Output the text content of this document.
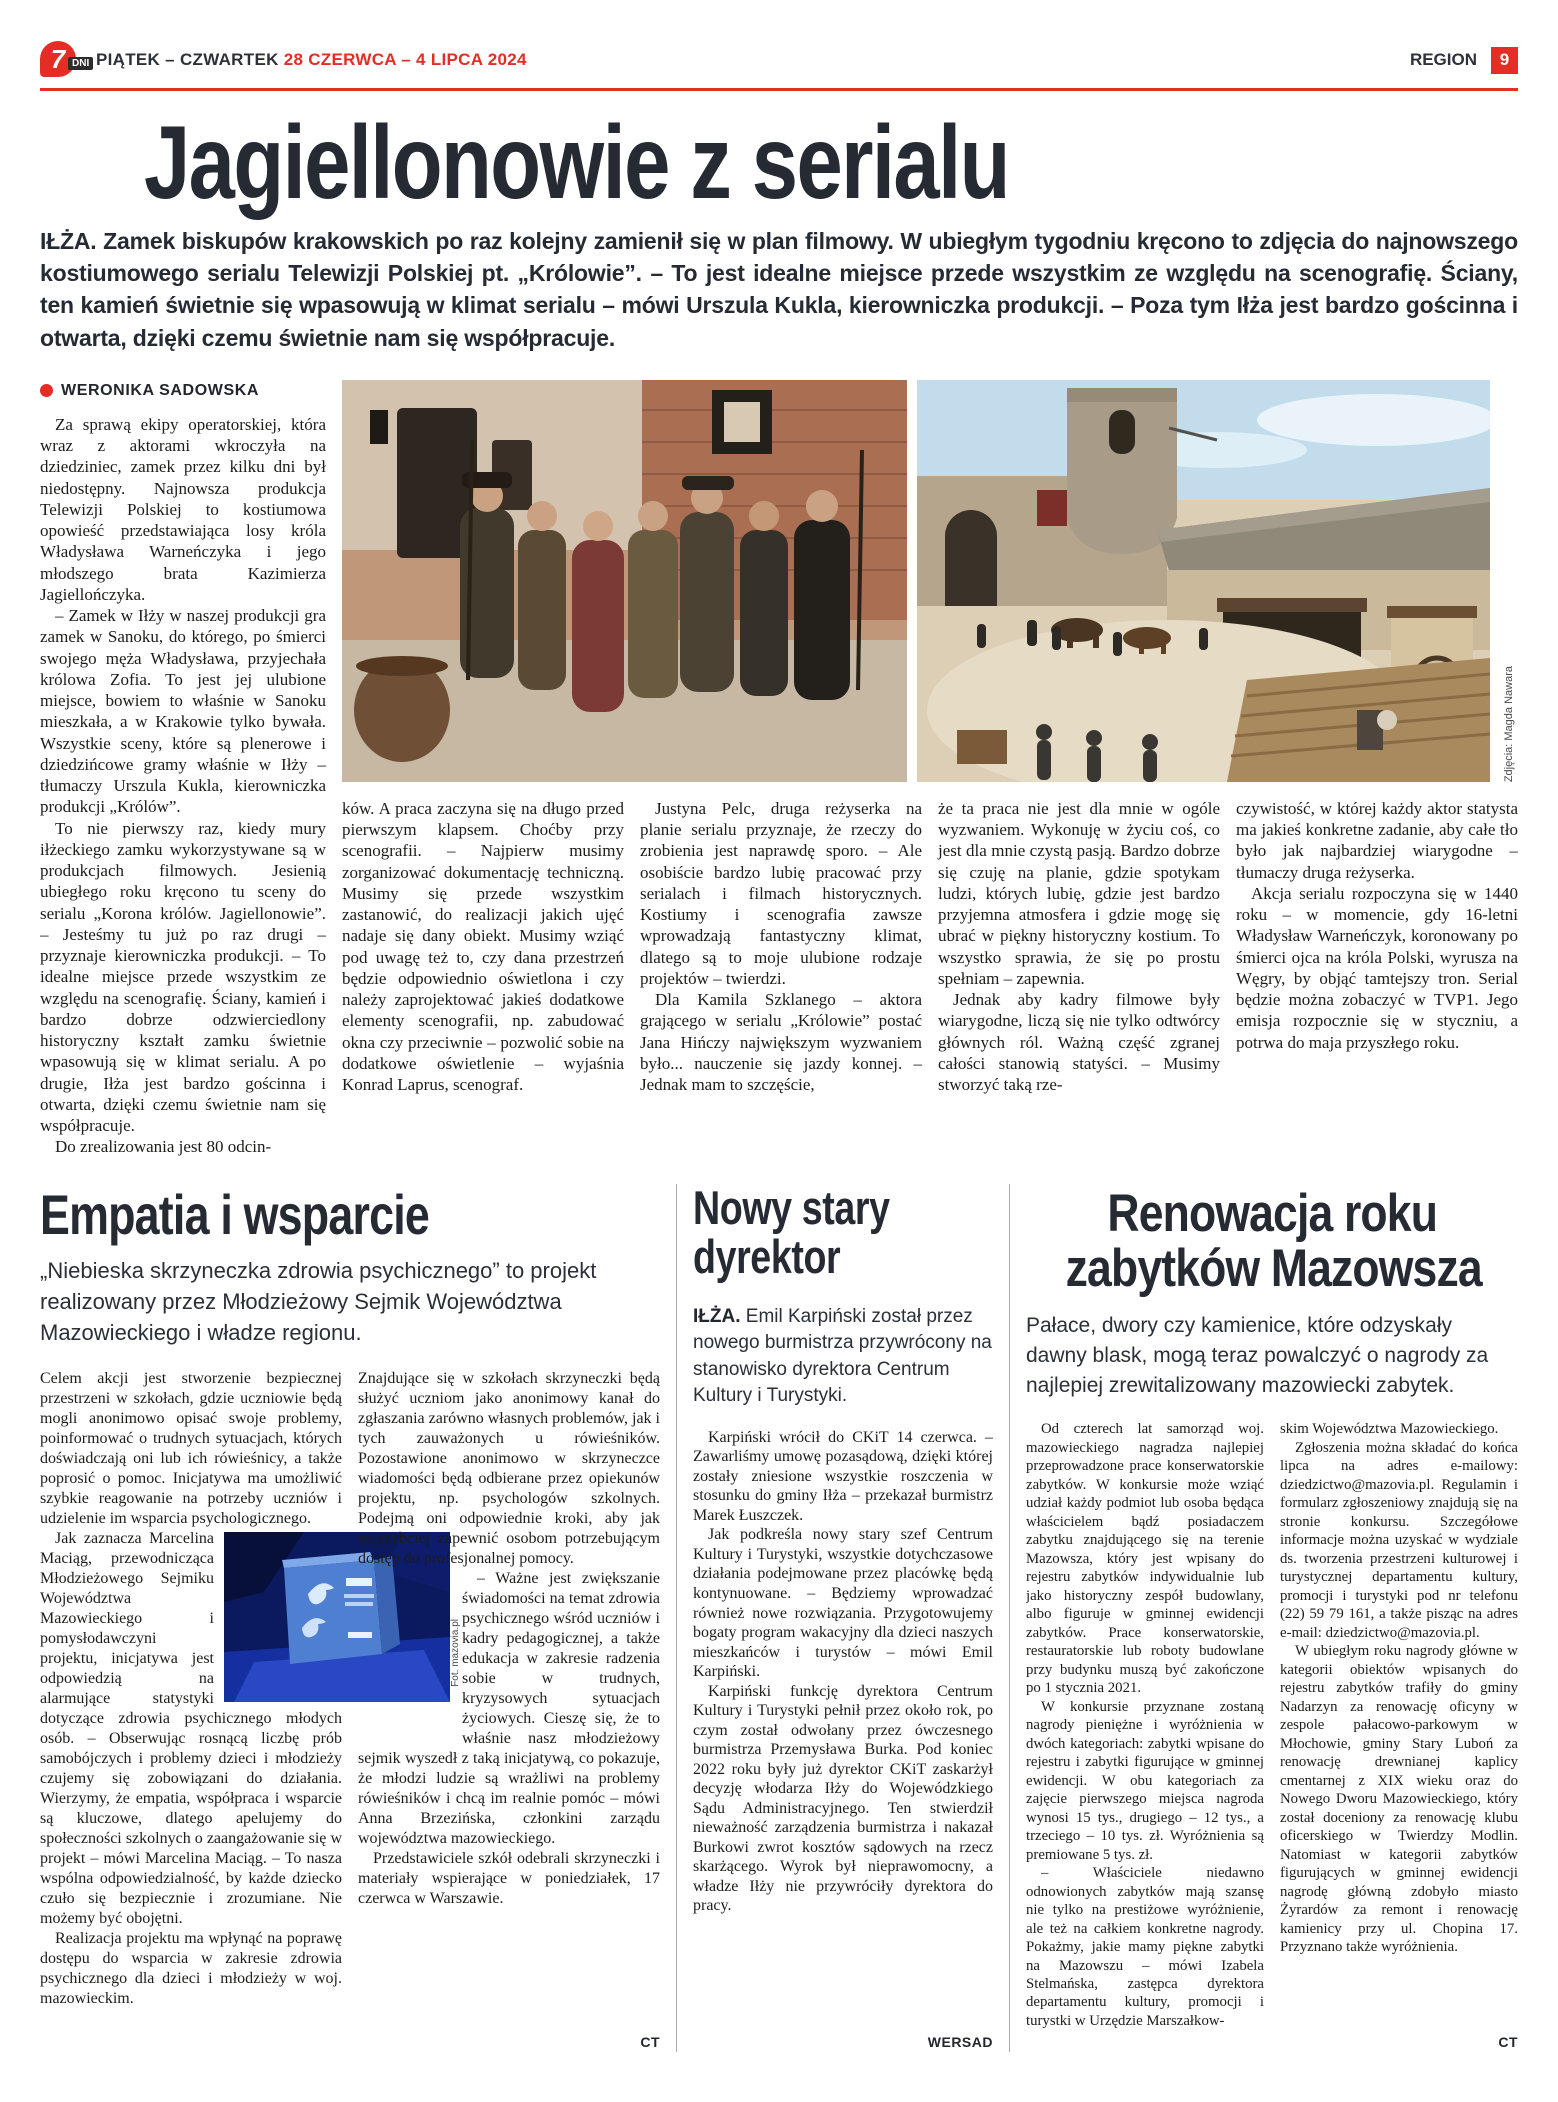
7 DNI PIĄTEK – CZWARTEK 28 CZERWCA – 4 LIPCA 2024	REGION	9
Jagiellonowie z serialu

IŁŻA. Zamek biskupów krakowskich po raz kolejny zamienił się w plan filmowy. W ubiegłym tygodniu kręcono to zdjęcia do najnowszego kostiumowego serialu Telewizji Polskiej pt. „Królowie”. – To jest idealne miejsce przede wszystkim ze względu na scenografię. Ściany, ten kamień świetnie się wpasowują w klimat serialu – mówi Urszula Kukla, kierowniczka produkcji. – Poza tym Iłża jest bardzo gościnna i otwarta, dzięki czemu świetnie nam się współpracuje.

WERONIKA SADOWSKA

Za sprawą ekipy operatorskiej, która wraz z aktorami wkroczyła na dziedziniec, zamek przez kilku dni był niedostępny. Najnowsza produkcja Telewizji Polskiej to kostiumowa opowieść przedstawiająca losy króla Władysława Warneńczyka i jego młodszego brata Kazimierza Jagiellończyka.

– Zamek w Iłży w naszej produkcji gra zamek w Sanoku, do którego, po śmierci swojego męża Władysława, przyjechała królowa Zofia. To jest jej ulubione miejsce, bowiem to właśnie w Sanoku mieszkała, a w Krakowie tylko bywała. Wszystkie sceny, które są plenerowe i dziedzińcowe gramy właśnie w Iłży – tłumaczy Urszula Kukla, kierowniczka produkcji „Królów”.

To nie pierwszy raz, kiedy mury iłżeckiego zamku wykorzystywane są w produkcjach filmowych. Jesienią ubiegłego roku kręcono tu sceny do serialu „Korona królów. Jagiellonowie”. – Jesteśmy tu już po raz drugi – przyznaje kierowniczka produkcji. – To idealne miejsce przede wszystkim ze względu na scenografię. Ściany, kamień i bardzo dobrze odzwierciedlony historyczny kształt zamku świetnie wpasowują się w klimat serialu. A po drugie, Iłża jest bardzo gościnna i otwarta, dzięki czemu świetnie nam się współpracuje.

Do zrealizowania jest 80 odcin-

Zdjęcia: Magda Nawara

ków. A praca zaczyna się na długo przed pierwszym klapsem. Choćby przy scenografii. – Najpierw musimy zorganizować dokumentację techniczną. Musimy się przede wszystkim zastanowić, do realizacji jakich ujęć nadaje się dany obiekt. Musimy wziąć pod uwagę też to, czy dana przestrzeń będzie odpowiednio oświetlona i czy należy zaprojektować jakieś dodatkowe elementy scenografii, np. zabudować okna czy przeciwnie – pozwolić sobie na dodatkowe oświetlenie – wyjaśnia Konrad Laprus, scenograf.

Justyna Pelc, druga reżyserka na planie serialu przyznaje, że rzeczy do zrobienia jest naprawdę sporo. – Ale osobiście bardzo lubię pracować przy serialach i filmach historycznych. Kostiumy i scenografia zawsze wprowadzają fantastyczny klimat, dlatego są to moje ulubione rodzaje projektów – twierdzi.

Dla Kamila Szklanego – aktora grającego w serialu „Królowie” postać Jana Hińczy największym wyzwaniem było... nauczenie się jazdy konnej. – Jednak mam to szczęście,

że ta praca nie jest dla mnie w ogóle wyzwaniem. Wykonuję w życiu coś, co jest dla mnie czystą pasją. Bardzo dobrze się czuję na planie, gdzie spotykam ludzi, których lubię, gdzie jest bardzo przyjemna atmosfera i gdzie mogę się ubrać w piękny historyczny kostium. To wszystko sprawia, że się po prostu spełniam – zapewnia.

Jednak aby kadry filmowe były wiarygodne, liczą się nie tylko odtwórcy głównych ról. Ważną część zgranej całości stanowią statyści. – Musimy stworzyć taką rze-

czywistość, w której każdy aktor statysta ma jakieś konkretne zadanie, aby całe tło było jak najbardziej wiarygodne – tłumaczy druga reżyserka.

Akcja serialu rozpoczyna się w 1440 roku – w momencie, gdy 16-letni Władysław Warneńczyk, koronowany po śmierci ojca na króla Polski, wyrusza na Węgry, by objąć tamtejszy tron. Serial będzie można zobaczyć w TVP1. Jego emisja rozpocznie się w styczniu, a potrwa do maja przyszłego roku.

Empatia i wsparcie

„Niebieska skrzyneczka zdrowia psychicznego” to projekt realizowany przez Młodzieżowy Sejmik Województwa Mazowieckiego i władze regionu.

Celem akcji jest stworzenie bezpiecznej przestrzeni w szkołach, gdzie uczniowie będą mogli anonimowo opisać swoje problemy, poinformować o trudnych sytuacjach, których doświadczają oni lub ich rówieśnicy, a także poprosić o pomoc. Inicjatywa ma umożliwić szybkie reagowanie na potrzeby uczniów i udzielenie im wsparcia psychologicznego.

Fot. mazovia.pl
Jak zaznacza Marcelina Maciąg, przewodnicząca Młodzieżowego Sejmiku Województwa Mazowieckiego i pomysłodawczyni projektu, inicjatywa jest odpowiedzią na alarmujące statystyki dotyczące zdrowia psychicznego młodych osób. – Obserwując rosnącą liczbę prób samobójczych i problemy dzieci i młodzieży czujemy się zobowiązani do działania. Wierzymy, że empatia, współpraca i wsparcie są kluczowe, dlatego apelujemy do społeczności szkolnych o zaangażowanie się w projekt – mówi Marcelina Maciąg. – To nasza wspólna odpowiedzialność, by każde dziecko czuło się bezpiecznie i zrozumiane. Nie możemy być obojętni.

Realizacja projektu ma wpłynąć na poprawę dostępu do wsparcia w zakresie zdrowia psychicznego dla dzieci i młodzieży w woj. mazowieckim.

Znajdujące się w szkołach skrzyneczki będą służyć uczniom jako anonimowy kanał do zgłaszania zarówno własnych problemów, jak i tych zauważonych u rówieśników. Pozostawione anonimowo w skrzyneczce wiadomości będą odbierane przez opiekunów projektu, np. psychologów szkolnych. Podejmą oni odpowiednie kroki, aby jak najszybciej zapewnić osobom potrzebującym dostęp do profesjonalnej pomocy.

– Ważne jest zwiększanie świadomości na temat zdrowia psychicznego wśród uczniów i kadry pedagogicznej, a także edukacja w zakresie radzenia sobie w trudnych, kryzysowych sytuacjach życiowych. Cieszę się, że to właśnie nasz młodzieżowy sejmik wyszedł z taką inicjatywą, co pokazuje, że młodzi ludzie są wrażliwi na problemy rówieśników i chcą im realnie pomóc – mówi Anna Brzezińska, członkini zarządu województwa mazowieckiego.

Przedstawiciele szkół odebrali skrzyneczki i materiały wspierające w poniedziałek, 17 czerwca w Warszawie.

CT
Nowy stary
dyrektor

IŁŻA. Emil Karpiński został przez nowego burmistrza przywrócony na stanowisko dyrektora Centrum Kultury i Turystyki.

Karpiński wrócił do CKiT 14 czerwca. – Zawarliśmy umowę pozasądową, dzięki której zostały zniesione wszystkie roszczenia w stosunku do gminy Iłża – przekazał burmistrz Marek Łuszczek.

Jak podkreśla nowy stary szef Centrum Kultury i Turystyki, wszystkie dotychczasowe działania podejmowane przez placówkę będą kontynuowane. – Będziemy wprowadzać również nowe rozwiązania. Przygotowujemy bogaty program wakacyjny dla dzieci naszych mieszkańców i turystów – mówi Emil Karpiński.

Karpiński funkcję dyrektora Centrum Kultury i Turystyki pełnił przez około rok, po czym został odwołany przez ówczesnego burmistrza Przemysława Burka. Pod koniec 2022 roku były już dyrektor CKiT zaskarżył decyzję włodarza Iłży do Wojewódzkiego Sądu Administracyjnego. Ten stwierdził nieważność zarządzenia burmistrza i nakazał Burkowi zwrot kosztów sądowych na rzecz skarżącego. Wyrok był nieprawomocny, a władze Iłży nie przywróciły dyrektora do pracy.

WERSAD
Renowacja roku
zabytków Mazowsza

Pałace, dwory czy kamienice, które odzyskały dawny blask, mogą teraz powalczyć o nagrody za najlepiej zrewitalizowany mazowiecki zabytek.

Od czterech lat samorząd woj. mazowieckiego nagradza najlepiej przeprowadzone prace konserwatorskie zabytków. W konkursie może wziąć udział każdy podmiot lub osoba będąca właścicielem bądź posiadaczem zabytku znajdującego się na terenie Mazowsza, który jest wpisany do rejestru zabytków indywidualnie lub jako historyczny zespół budowlany, albo figuruje w gminnej ewidencji zabytków. Prace konserwatorskie, restauratorskie lub roboty budowlane przy budynku muszą być zakończone po 1 stycznia 2021.

W konkursie przyznane zostaną nagrody pieniężne i wyróżnienia w dwóch kategoriach: zabytki wpisane do rejestru i zabytki figurujące w gminnej ewidencji. W obu kategoriach za zajęcie pierwszego miejsca nagroda wynosi 15 tys., drugiego – 12 tys., a trzeciego – 10 tys. zł. Wyróżnienia są premiowane 5 tys. zł.

– Właściciele niedawno odnowionych zabytków mają szansę nie tylko na prestiżowe wyróżnienie, ale też na całkiem konkretne nagrody. Pokażmy, jakie mamy piękne zabytki na Mazowszu – mówi Izabela Stelmańska, zastępca dyrektora departamentu kultury, promocji i turystki w Urzędzie Marszałkow-

skim Województwa Mazowieckiego.

Zgłoszenia można składać do końca lipca na adres e-mailowy: dziedzictwo@mazovia.pl. Regulamin i formularz zgłoszeniowy znajdują się na stronie konkursu. Szczegółowe informacje można uzyskać w wydziale ds. tworzenia przestrzeni kulturowej i turystycznej departamentu kultury, promocji i turystyki pod nr telefonu (22) 59 79 161, a także pisząc na adres e-mail: dziedzictwo@mazovia.pl.

W ubiegłym roku nagrody główne w kategorii obiektów wpisanych do rejestru zabytków trafiły do gminy Nadarzyn za renowację oficyny w zespole pałacowo-parkowym w Młochowie, gminy Stary Luboń za renowację drewnianej kaplicy cmentarnej z XIX wieku oraz do Nowego Dworu Mazowieckiego, który został doceniony za renowację klubu oficerskiego w Twierdzy Modlin. Natomiast w kategorii zabytków figurujących w gminnej ewidencji nagrodę główną zdobyło miasto Żyrardów za remont i renowację kamienicy przy ul. Chopina 17. Przyznano także wyróżnienia.

CT
